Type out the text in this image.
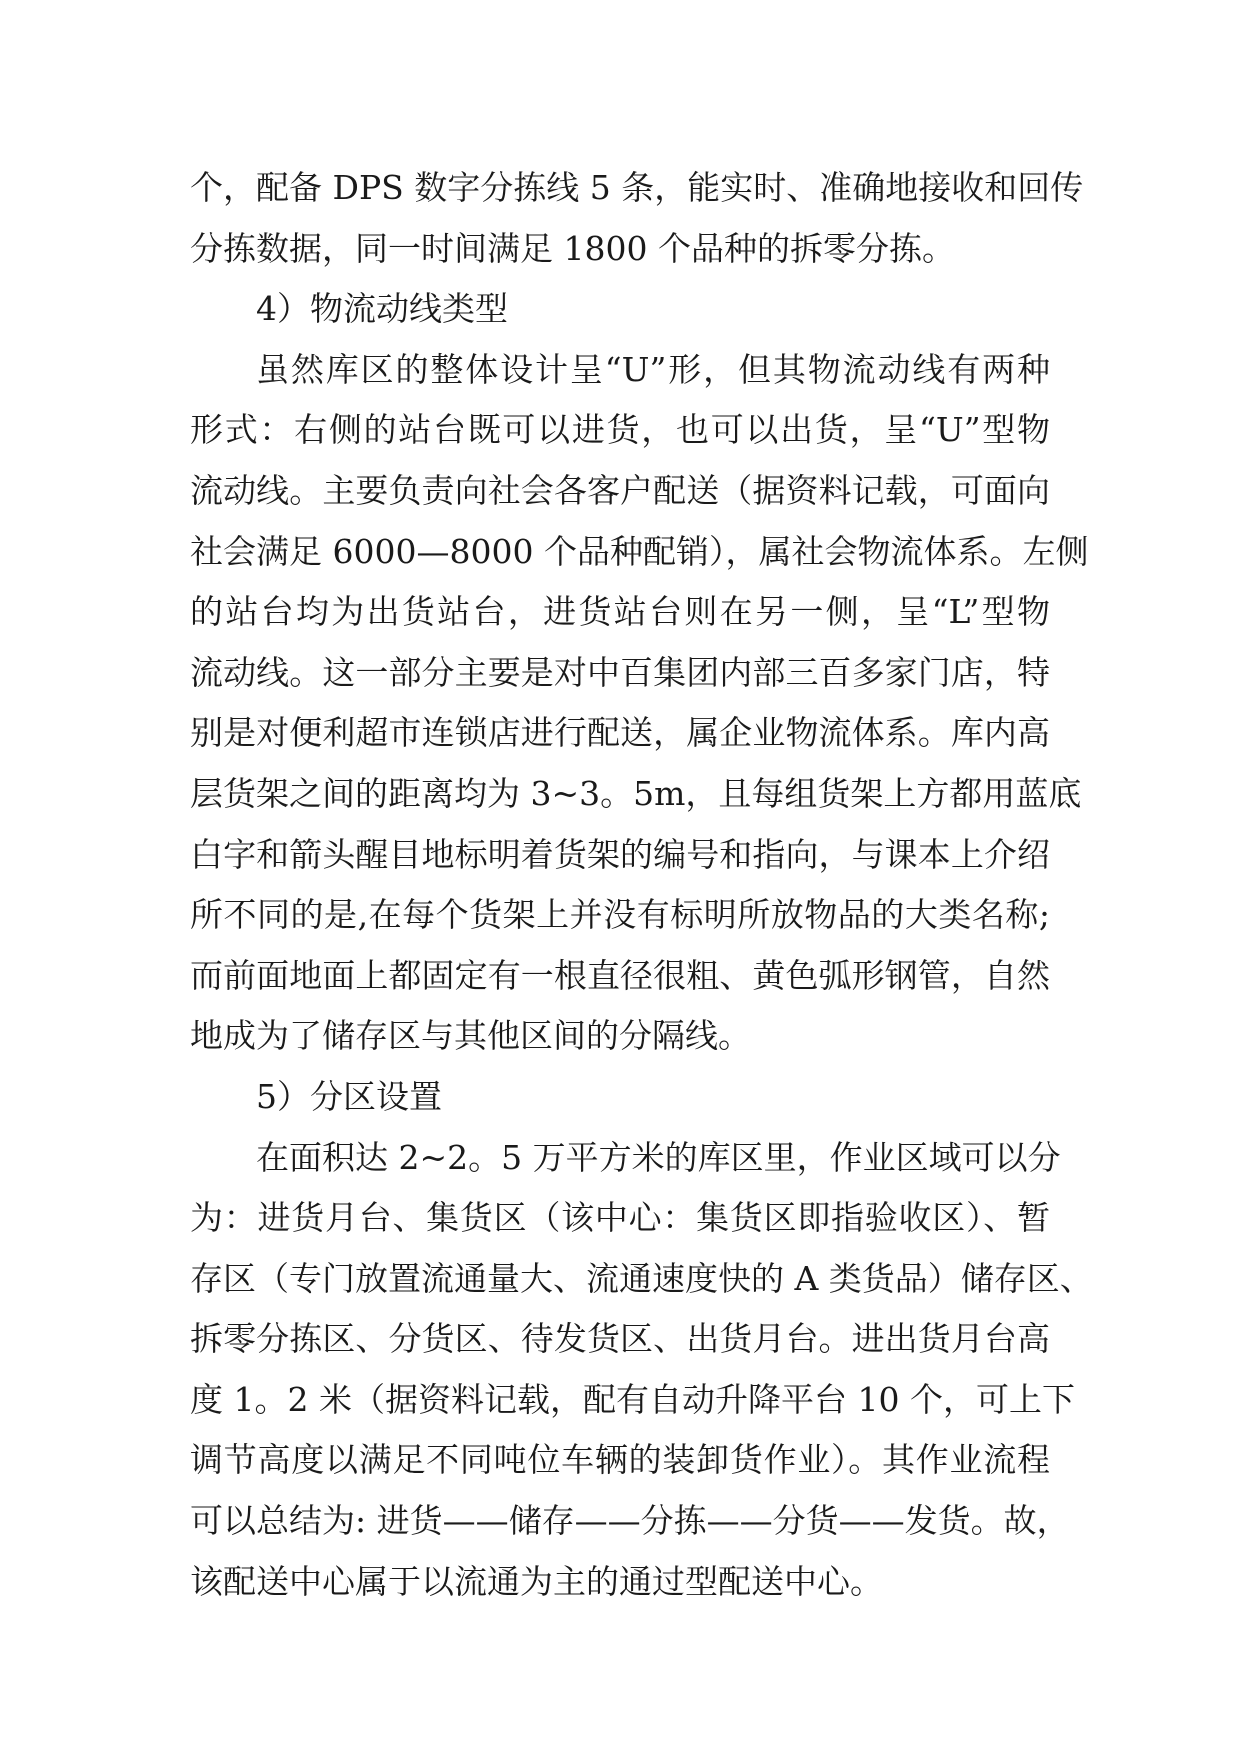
个，配备 DPS 数字分拣线 5 条，能实时、准确地接收和回传
分拣数据，同一时间满足 1800 个品种的拆零分拣。
4）物流动线类型
虽然库区的整体设计呈“U”形，但其物流动线有两种
形式：右侧的站台既可以进货，也可以出货，呈“U”型物
流动线。主要负责向社会各客户配送（据资料记载，可面向
社会满足 6000—8000 个品种配销），属社会物流体系。左侧
的站台均为出货站台，进货站台则在另一侧，呈“L”型物
流动线。这一部分主要是对中百集团内部三百多家门店，特
别是对便利超市连锁店进行配送，属企业物流体系。库内高
层货架之间的距离均为 3~3。5m，且每组货架上方都用蓝底
白字和箭头醒目地标明着货架的编号和指向，与课本上介绍
所不同的是,在每个货架上并没有标明所放物品的大类名称;
而前面地面上都固定有一根直径很粗、黄色弧形钢管，自然
地成为了储存区与其他区间的分隔线。
5）分区设置
在面积达 2~2。5 万平方米的库区里，作业区域可以分
为：进货月台、集货区（该中心：集货区即指验收区）、暂
存区（专门放置流通量大、流通速度快的 A 类货品）储存区、
拆零分拣区、分货区、待发货区、出货月台。进出货月台高
度 1。2 米（据资料记载，配有自动升降平台 10 个，可上下
调节高度以满足不同吨位车辆的装卸货作业）。其作业流程
可以总结为: 进货——储存——分拣——分货——发货。故，
该配送中心属于以流通为主的通过型配送中心。
